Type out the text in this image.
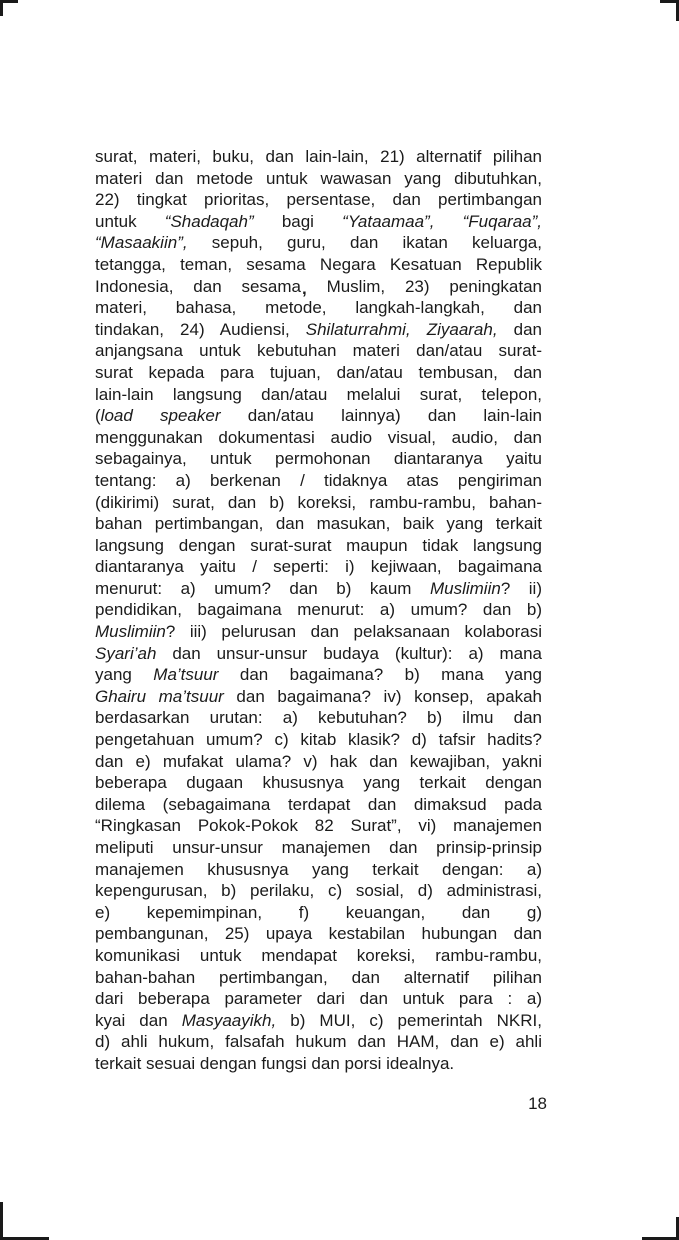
surat, materi, buku, dan lain-lain, 21) alternatif pilihan
materi dan metode untuk wawasan yang dibutuhkan,
22) tingkat prioritas, persentase, dan pertimbangan
untuk “Shadaqah” bagi “Yataamaa”, “Fuqaraa”,
“Masaakiin”, sepuh, guru, dan ikatan keluarga,
tetangga, teman, sesama Negara Kesatuan Republik
Indonesia, dan sesama, Muslim, 23) peningkatan
materi, bahasa, metode, langkah-langkah, dan
tindakan, 24) Audiensi, Shilaturrahmi, Ziyaarah, dan
anjangsana untuk kebutuhan materi dan/atau surat-
surat kepada para tujuan, dan/atau tembusan, dan
lain-lain langsung dan/atau melalui surat, telepon,
(load speaker dan/atau lainnya) dan lain-lain
menggunakan dokumentasi audio visual, audio, dan
sebagainya, untuk permohonan diantaranya yaitu
tentang: a) berkenan / tidaknya atas pengiriman
(dikirimi) surat, dan b) koreksi, rambu-rambu, bahan-
bahan pertimbangan, dan masukan, baik yang terkait
langsung dengan surat-surat maupun tidak langsung
diantaranya yaitu / seperti: i) kejiwaan, bagaimana
menurut: a) umum? dan b) kaum Muslimiin? ii)
pendidikan, bagaimana menurut: a) umum? dan b)
Muslimiin? iii) pelurusan dan pelaksanaan kolaborasi
Syari’ah dan unsur-unsur budaya (kultur): a) mana
yang Ma’tsuur dan bagaimana? b) mana yang
Ghairu ma’tsuur dan bagaimana? iv) konsep, apakah
berdasarkan urutan: a) kebutuhan? b) ilmu dan
pengetahuan umum? c) kitab klasik? d) tafsir hadits?
dan e) mufakat ulama? v) hak dan kewajiban, yakni
beberapa dugaan khususnya yang terkait dengan
dilema (sebagaimana terdapat dan dimaksud pada
“Ringkasan Pokok-Pokok 82 Surat”, vi) manajemen
meliputi unsur-unsur manajemen dan prinsip-prinsip
manajemen khususnya yang terkait dengan: a)
kepengurusan, b) perilaku, c) sosial, d) administrasi,
e) kepemimpinan, f) keuangan, dan g)
pembangunan, 25) upaya kestabilan hubungan dan
komunikasi untuk mendapat koreksi, rambu-rambu,
bahan-bahan pertimbangan, dan alternatif pilihan
dari beberapa parameter dari dan untuk para : a)
kyai dan Masyaayikh, b) MUI, c) pemerintah NKRI,
d) ahli hukum, falsafah hukum dan HAM, dan e) ahli
terkait sesuai dengan fungsi dan porsi idealnya.
18
